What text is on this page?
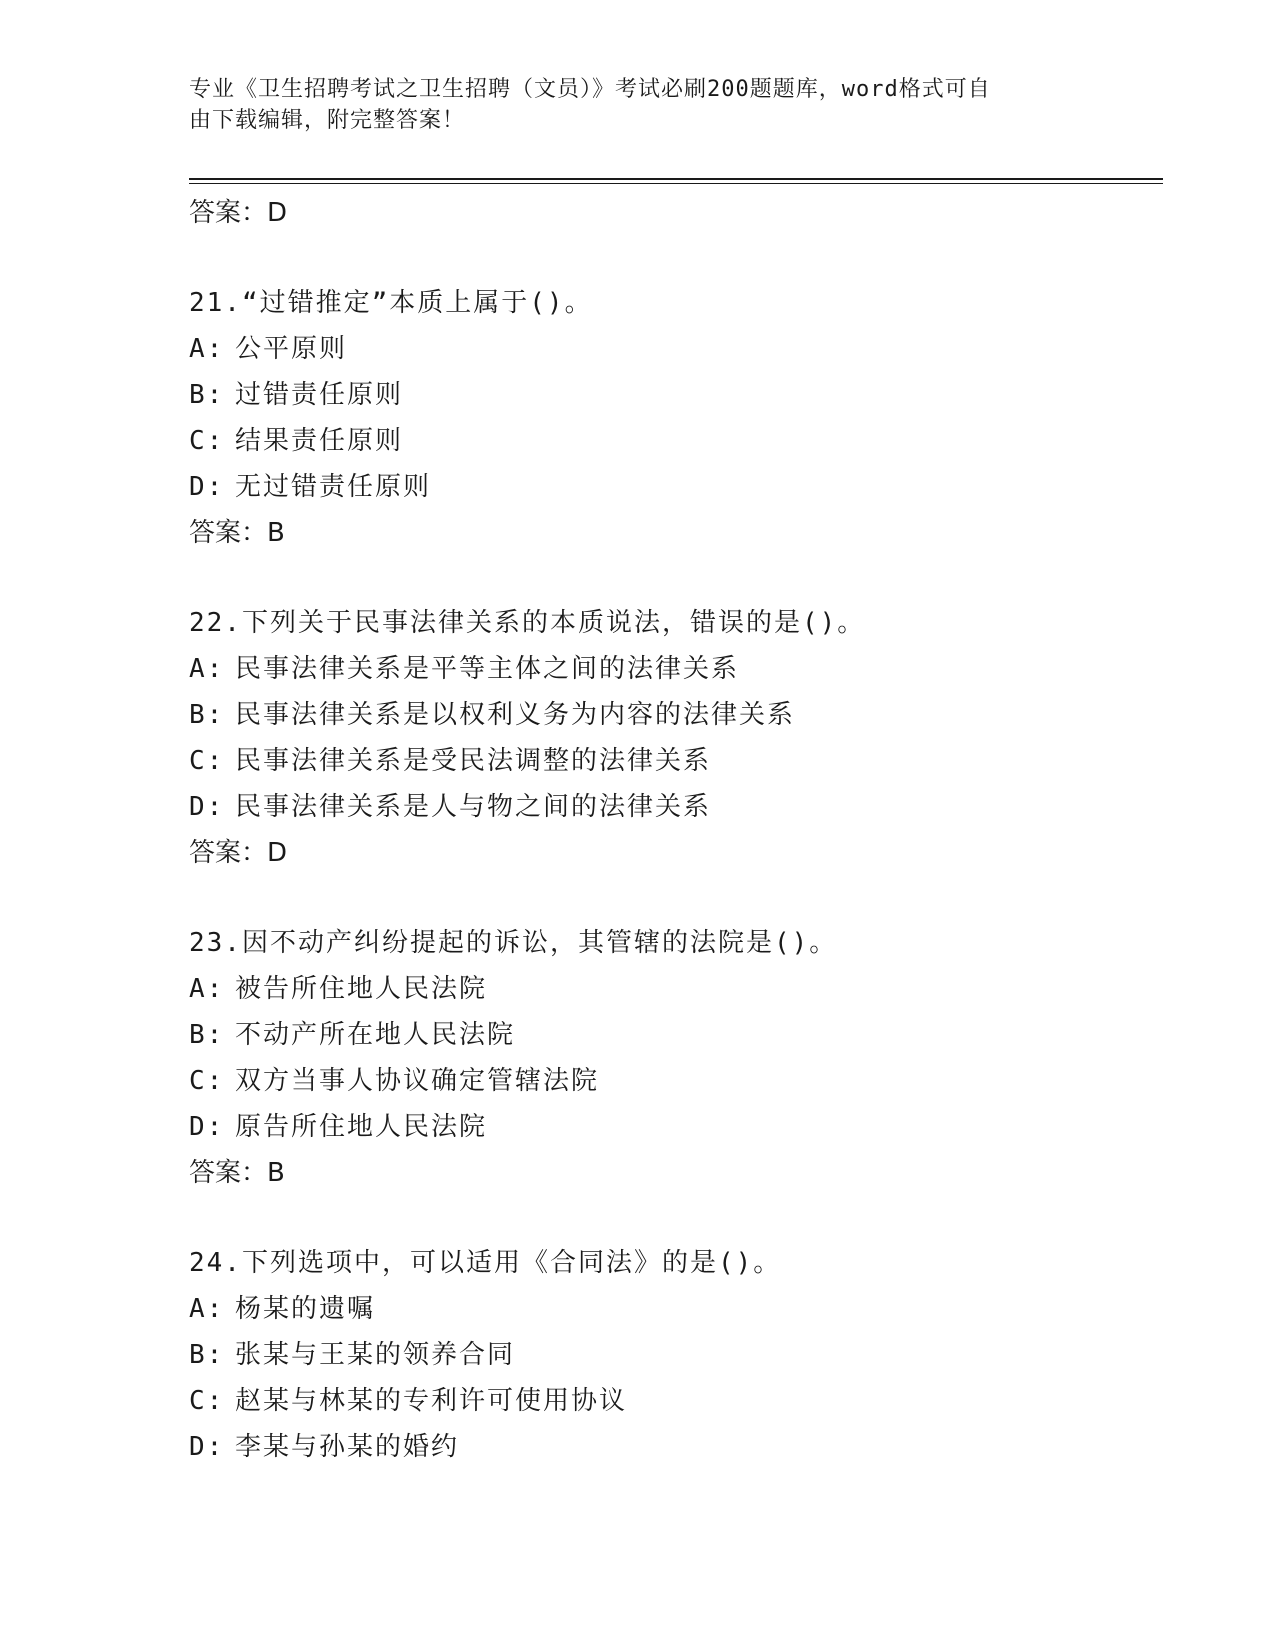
专业《卫生招聘考试之卫生招聘（文员）》考试必刷200题题库，word格式可自
由下载编辑，附完整答案！
答案：D
21.“过错推定”本质上属于()。
A: 公平原则
B: 过错责任原则
C: 结果责任原则
D: 无过错责任原则
答案：B
22.下列关于民事法律关系的本质说法，错误的是()。
A: 民事法律关系是平等主体之间的法律关系
B: 民事法律关系是以权利义务为内容的法律关系
C: 民事法律关系是受民法调整的法律关系
D: 民事法律关系是人与物之间的法律关系
答案：D
23.因不动产纠纷提起的诉讼，其管辖的法院是()。
A: 被告所住地人民法院
B: 不动产所在地人民法院
C: 双方当事人协议确定管辖法院
D: 原告所住地人民法院
答案：B
24.下列选项中，可以适用《合同法》的是()。
A: 杨某的遗嘱
B: 张某与王某的领养合同
C: 赵某与林某的专利许可使用协议
D: 李某与孙某的婚约
